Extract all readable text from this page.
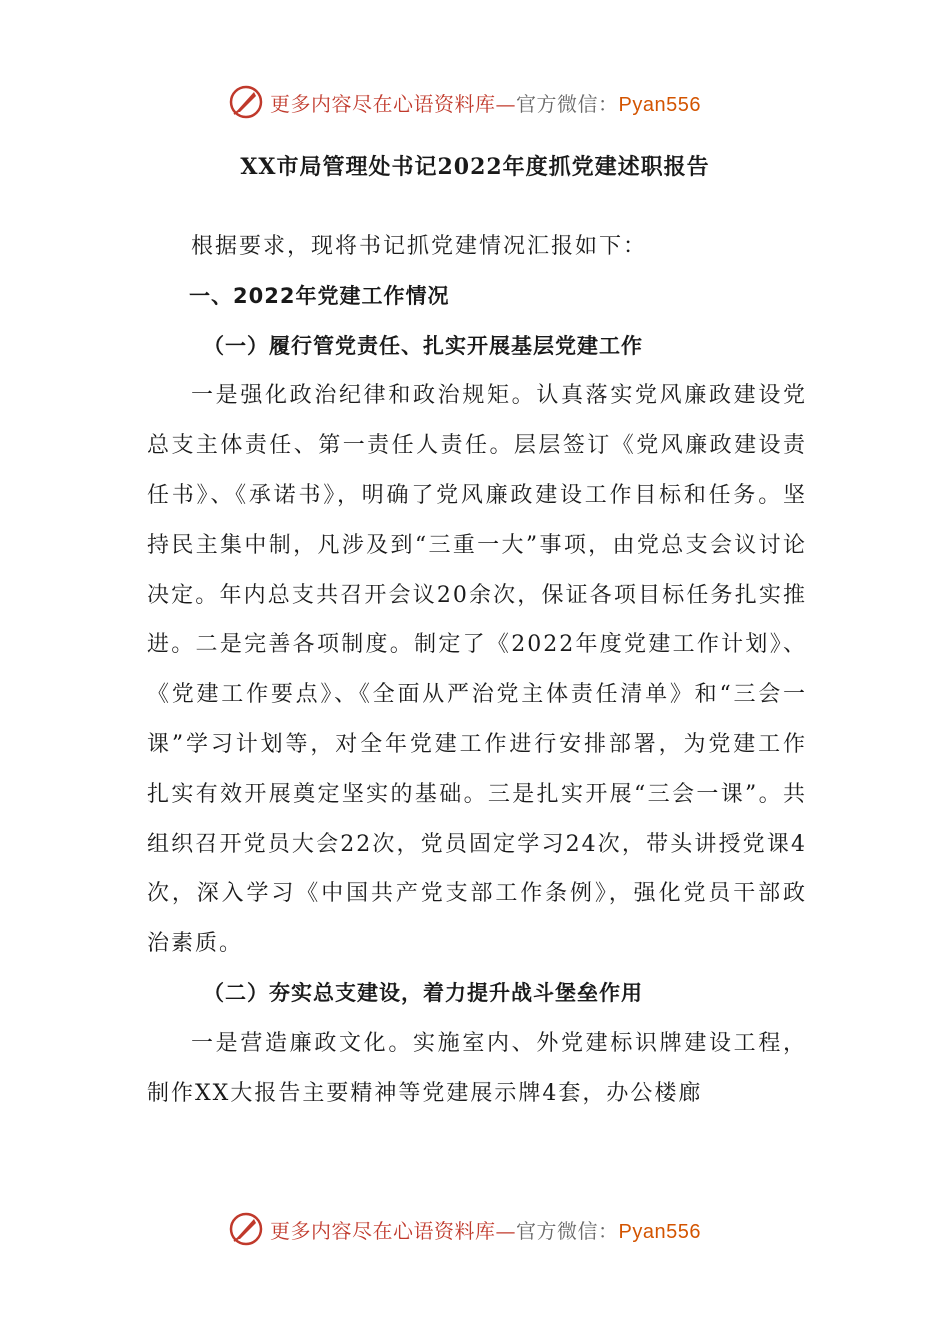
更多内容尽在心语资料库—官方微信：Pyan556
XX市局管理处书记2022年度抓党建述职报告

根据要求，现将书记抓党建情况汇报如下：

一、2022年党建工作情况

（一）履行管党责任、扎实开展基层党建工作

一是强化政治纪律和政治规矩。认真落实党风廉政建设党总支主体责任、第一责任人责任。层层签订《党风廉政建设责任书》、《承诺书》，明确了党风廉政建设工作目标和任务。坚持民主集中制，凡涉及到“三重一大”事项，由党总支会议讨论决定。年内总支共召开会议20余次，保证各项目标任务扎实推进。二是完善各项制度。制定了《2022年度党建工作计划》、《党建工作要点》、《全面从严治党主体责任清单》和“三会一课”学习计划等，对全年党建工作进行安排部署，为党建工作扎实有效开展奠定坚实的基础。三是扎实开展“三会一课”。共组织召开党员大会22次，党员固定学习24次，带头讲授党课4次，深入学习《中国共产党支部工作条例》，强化党员干部政治素质。

（二）夯实总支建设，着力提升战斗堡垒作用

一是营造廉政文化。实施室内、外党建标识牌建设工程，制作XX大报告主要精神等党建展示牌4套，办公楼廊

更多内容尽在心语资料库—官方微信：Pyan556
